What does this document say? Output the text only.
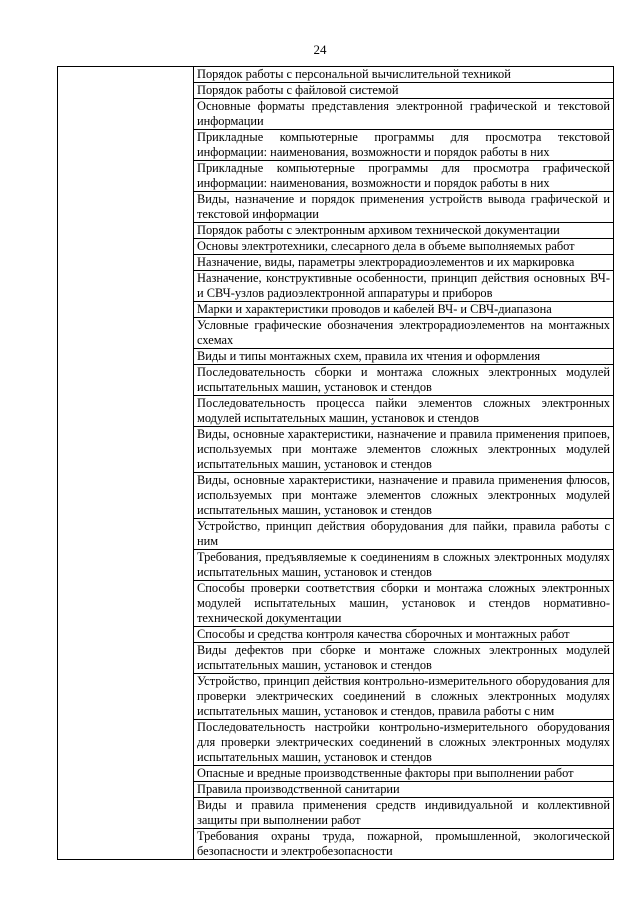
24
	Порядок работы с персональной вычислительной техникой
Порядок работы с файловой системой
Основные форматы представления электронной графической и текстовой информации
Прикладные компьютерные программы для просмотра текстовой информации: наименования, возможности и порядок работы в них
Прикладные компьютерные программы для просмотра графической информации: наименования, возможности и порядок работы в них
Виды, назначение и порядок применения устройств вывода графической и текстовой информации
Порядок работы с электронным архивом технической документации
Основы электротехники, слесарного дела в объеме выполняемых работ
Назначение, виды, параметры электрорадиоэлементов и их маркировка
Назначение, конструктивные особенности, принцип действия основных ВЧ- и СВЧ-узлов радиоэлектронной аппаратуры и приборов
Марки и характеристики проводов и кабелей ВЧ- и СВЧ-диапазона
Условные графические обозначения электрорадиоэлементов на монтажных схемах
Виды и типы монтажных схем, правила их чтения и оформления
Последовательность сборки и монтажа сложных электронных модулей испытательных машин, установок и стендов
Последовательность процесса пайки элементов сложных электронных модулей испытательных машин, установок и стендов
Виды, основные характеристики, назначение и правила применения припоев, используемых при монтаже элементов сложных электронных модулей испытательных машин, установок и стендов
Виды, основные характеристики, назначение и правила применения флюсов, используемых при монтаже элементов сложных электронных модулей испытательных машин, установок и стендов
Устройство, принцип действия оборудования для пайки, правила работы с ним
Требования, предъявляемые к соединениям в сложных электронных модулях испытательных машин, установок и стендов
Способы проверки соответствия сборки и монтажа сложных электронных модулей испытательных машин, установок и стендов нормативно-технической документации
Способы и средства контроля качества сборочных и монтажных работ
Виды дефектов при сборке и монтаже сложных электронных модулей испытательных машин, установок и стендов
Устройство, принцип действия контрольно-измерительного оборудования для проверки электрических соединений в сложных электронных модулях испытательных машин, установок и стендов, правила работы с ним
Последовательность настройки контрольно-измерительного оборудования для проверки электрических соединений в сложных электронных модулях испытательных машин, установок и стендов
Опасные и вредные производственные факторы при выполнении работ
Правила производственной санитарии
Виды и правила применения средств индивидуальной и коллективной защиты при выполнении работ
Требования охраны труда, пожарной, промышленной, экологической безопасности и электробезопасности
